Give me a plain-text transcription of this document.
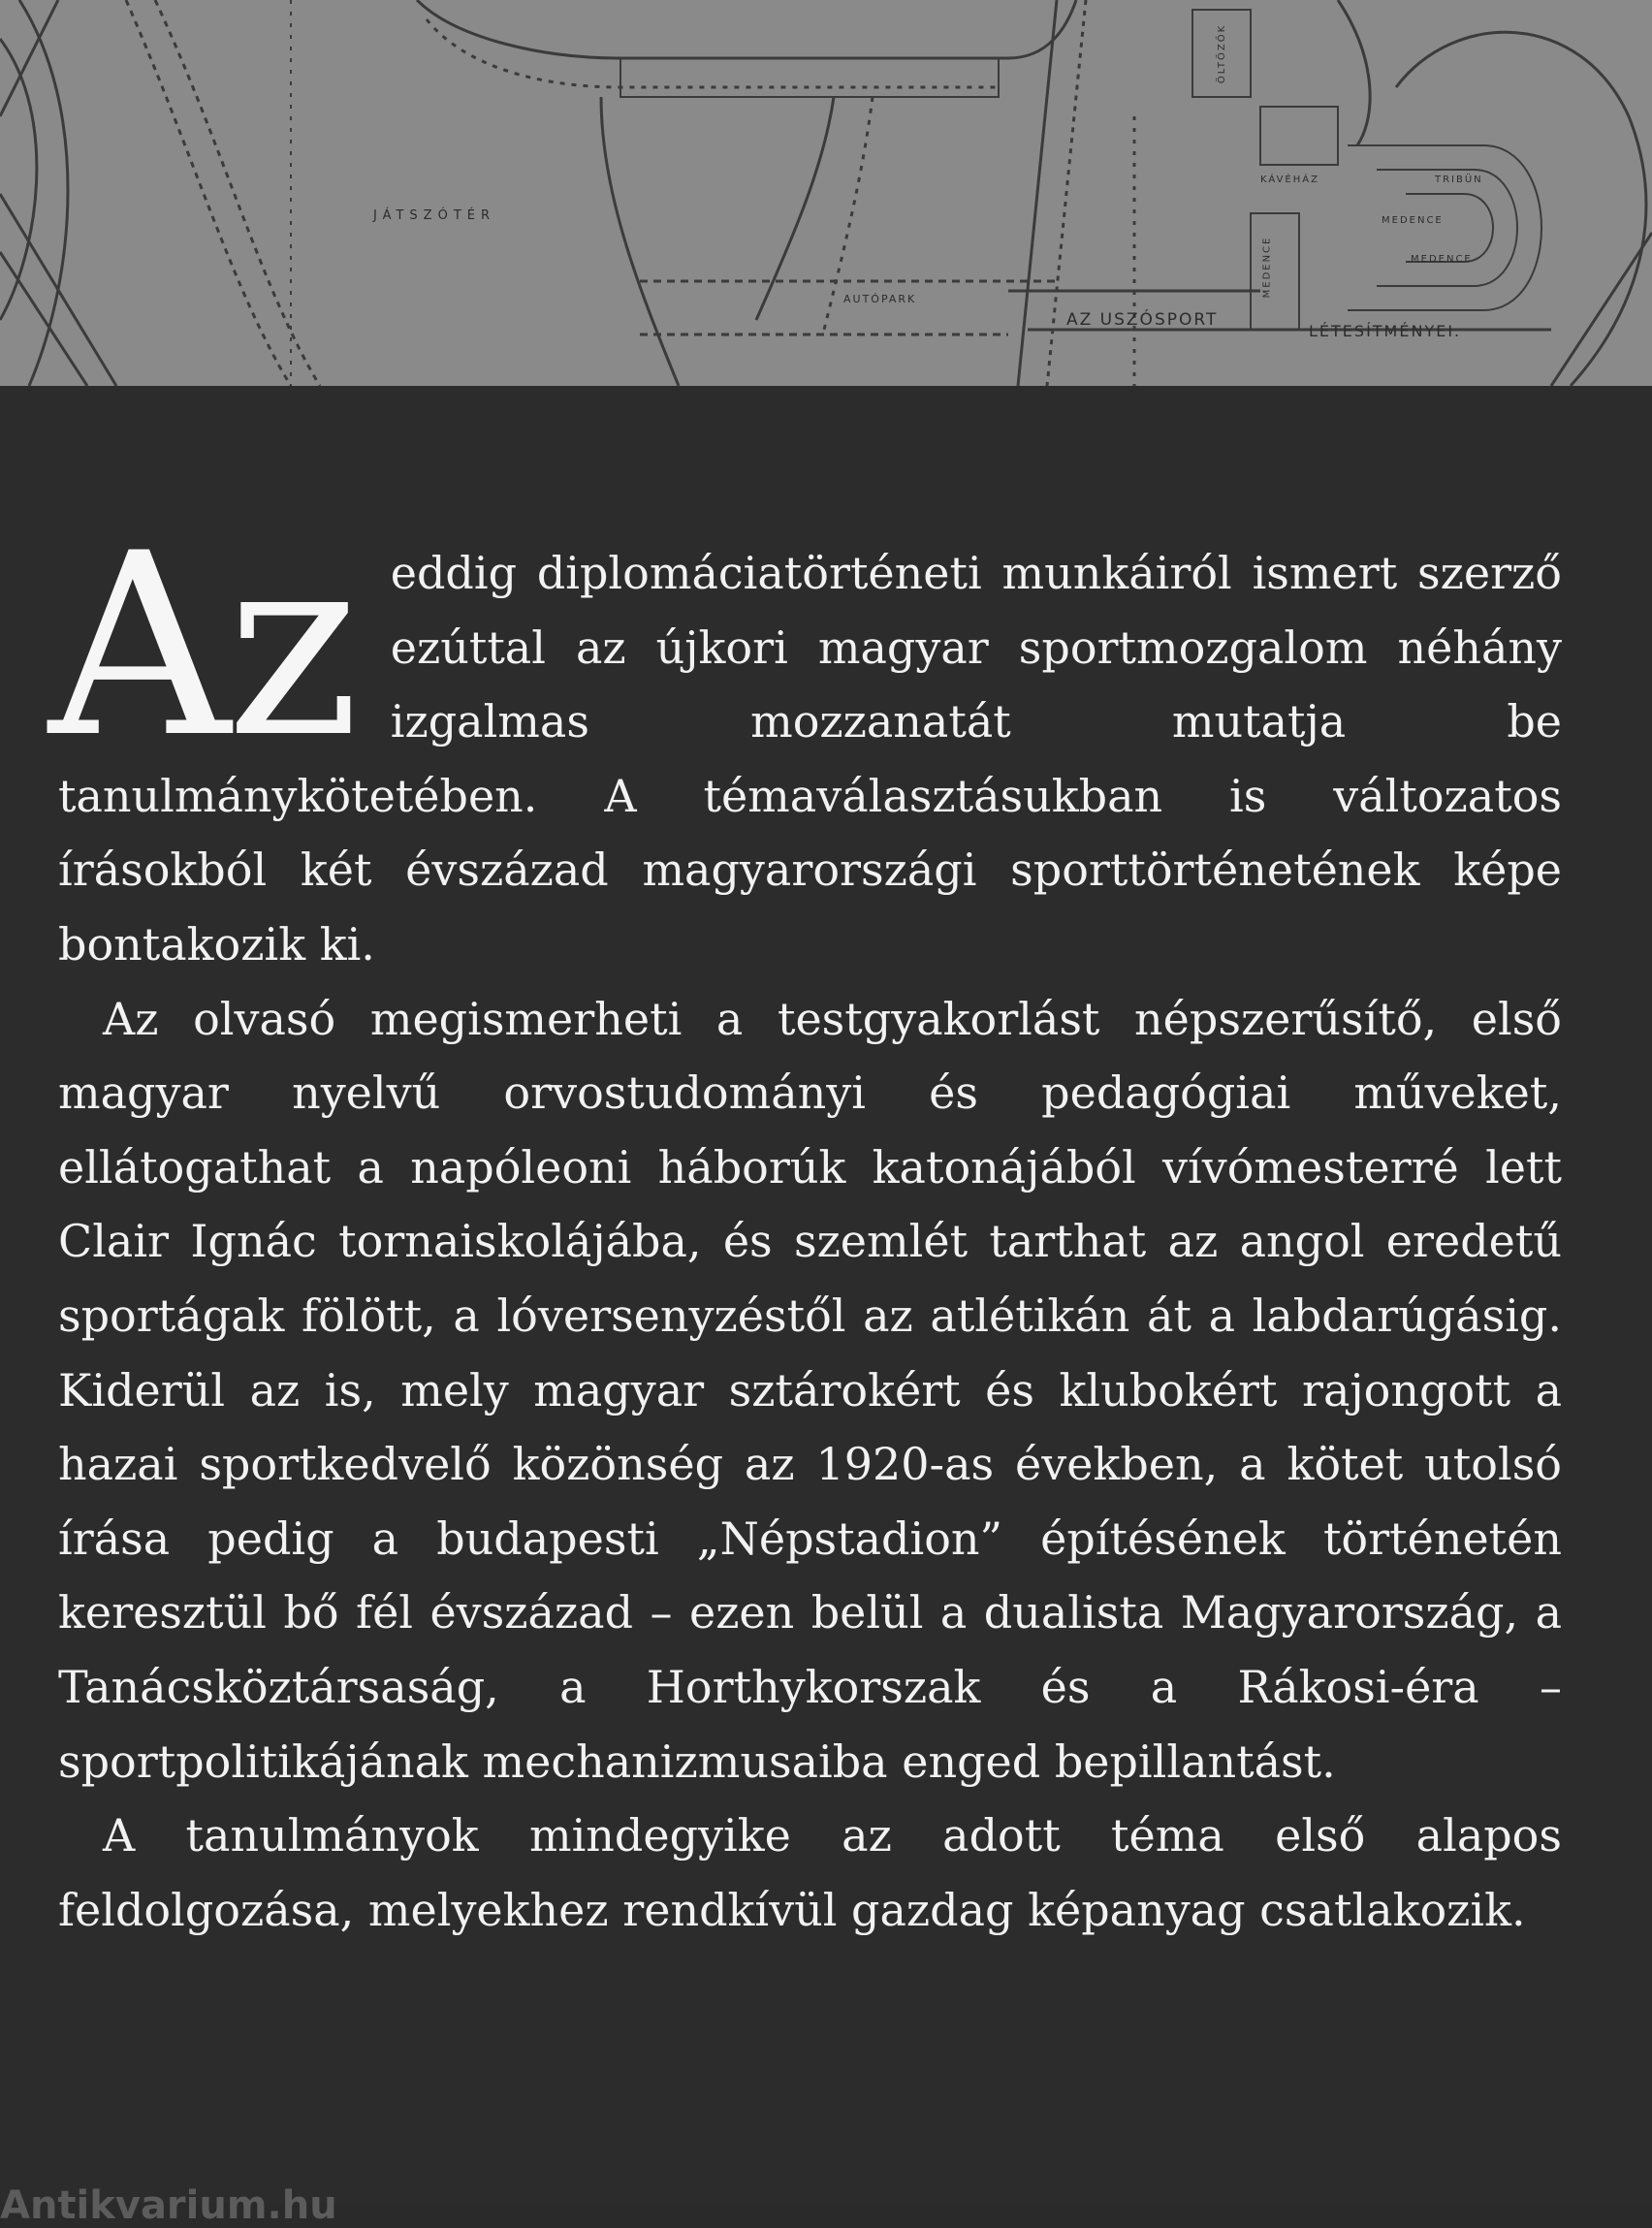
JÁTSZÓTÉR
AUTÓPARK
AZ USZÓSPORT
LÉTESÍTMÉNYEI.
TRIBÜN
MEDENCE
MEDENCE
MEDENCE
ÖLTÖZŐK
KÁVÉHÁZ

Az eddig diplomáciatörténeti munkáiról ismert szerző ezúttal az újkori magyar sportmozgalom néhány izgalmas mozzanatát mutatja be tanulmánykötetében. A témaválasztásukban is változatos írásokból két évszázad magyarországi sporttörténetének képe bontakozik ki.

Az olvasó megismerheti a testgyakorlást népszerűsítő, első magyar nyelvű orvostudományi és pedagógiai műveket, ellátogathat a napóleoni háborúk katonájából vívómesterré lett Clair Ignác tornaiskolájába, és szemlét tarthat az angol eredetű sportágak fölött, a lóversenyzéstől az atlétikán át a labdarúgásig. Kiderül az is, mely magyar sztárokért és klubokért rajongott a hazai sportkedvelő közönség az 1920-as években, a kötet utolsó írása pedig a budapesti „Népstadion” építésének történetén keresztül bő fél évszázad – ezen belül a dualista Magyarország, a Tanácsköztársaság, a Horthykorszak és a Rákosi-éra – sportpolitikájának mechanizmusaiba enged bepillantást.

A tanulmányok mindegyike az adott téma első alapos feldolgozása, melyekhez rendkívül gazdag képanyag csatlakozik.

Antikvarium.hu
